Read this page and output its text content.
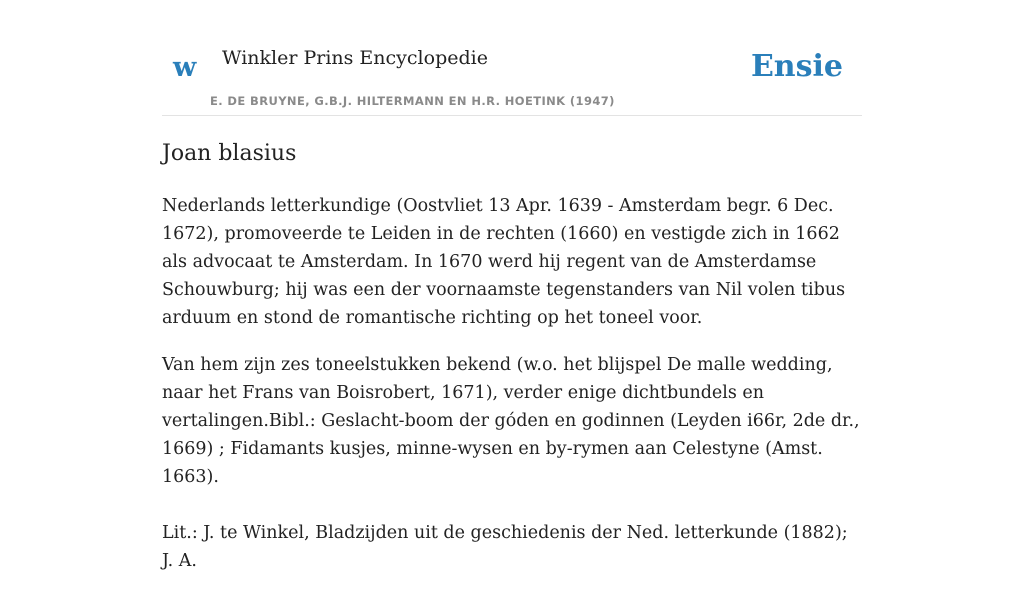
w Winkler Prins Encyclopedie
E. DE BRUYNE, G.B.J. HILTERMANN EN H.R. HOETINK (1947)
Ensie
Joan blasius

Nederlands letterkundige (Oostvliet 13 Apr. 1639 - Amsterdam begr. 6 Dec. 1672), promoveerde te Leiden in de rechten (1660) en vestigde zich in 1662 als advocaat te Amsterdam. In 1670 werd hij regent van de Amsterdamse Schouwburg; hij was een der voornaamste tegenstanders van Nil volen tibus arduum en stond de romantische richting op het toneel voor.

Van hem zijn zes toneelstukken bekend (w.o. het blijspel De malle wedding, naar het Frans van Boisrobert, 1671), verder enige dichtbundels en vertalingen.Bibl.: Geslacht-boom der góden en godinnen (Leyden i66r, 2de dr., 1669) ; Fidamants kusjes, minne-wysen en by-rymen aan Celestyne (Amst. 1663).

Lit.: J. te Winkel, Bladzijden uit de geschiedenis der Ned. letterkunde (1882); J. A.
